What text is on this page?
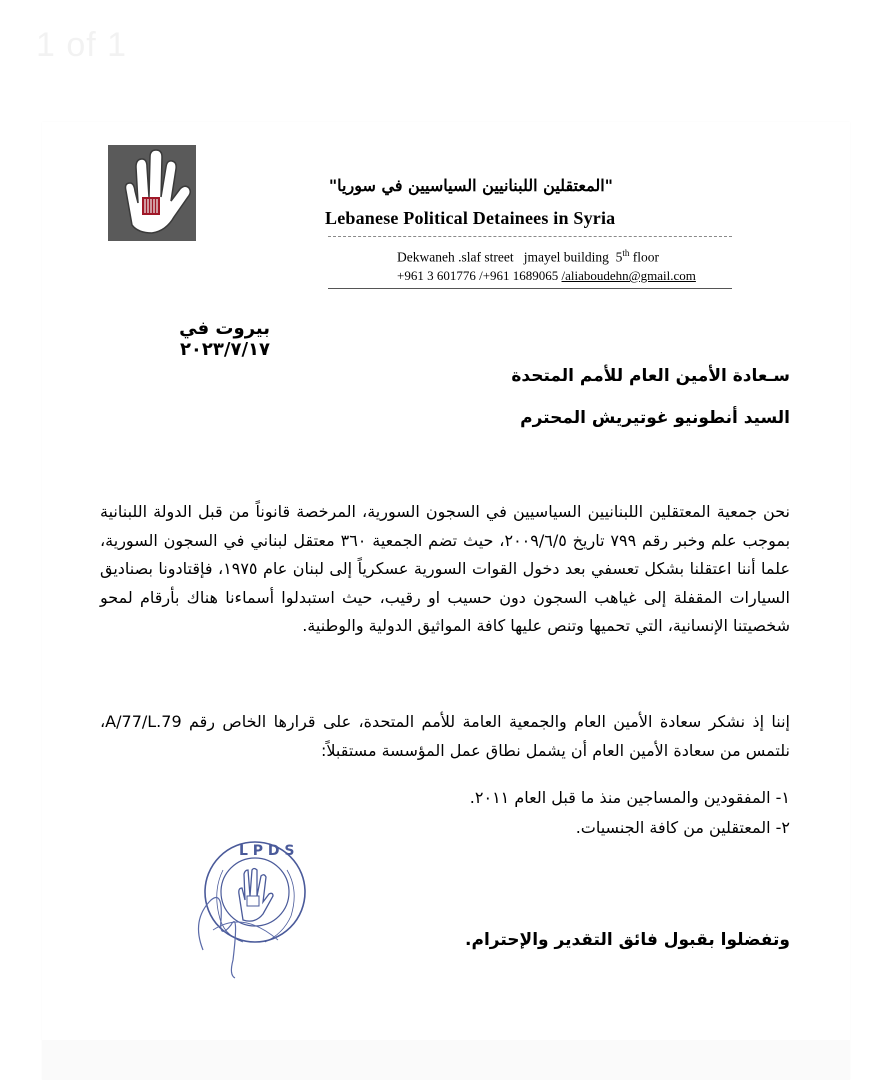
1 of 1
"المعتقلين اللبنانيين السياسيين في سوريا"
Lebanese Political Detainees in Syria
Dekwaneh .slaf street   jmayel building  5th floor
+961 3 601776 /+961 1689065 /aliaboudehn@gmail.com
بيروت في ٢٠٢٣/٧/١٧
سـعادة الأمين العام للأمم المتحدة
السيد أنطونيو غوتيريش المحترم
نحن جمعية المعتقلين اللبنانيين السياسيين في السجون السورية، المرخصة قانوناً من قبل الدولة اللبنانية بموجب علم وخبر رقم ٧٩٩ تاريخ ٢٠٠٩/٦/٥، حيث تضم الجمعية ٣٦٠ معتقل لبناني في السجون السورية، علما أننا اعتقلنا بشكل تعسفي بعد دخول القوات السورية عسكرياً إلى لبنان عام ١٩٧٥، فإقتادونا بصناديق السيارات المقفلة إلى غياهب السجون دون حسيب او رقيب، حيث استبدلوا أسماءنا هناك بأرقام لمحو شخصيتنا الإنسانية، التي تحميها وتنص عليها كافة المواثيق الدولية والوطنية.
إننا إذ نشكر سعادة الأمين العام والجمعية العامة للأمم المتحدة، على قرارها الخاص رقم A/77/L.79، نلتمس من سعادة الأمين العام أن يشمل نطاق عمل المؤسسة مستقبلاً:
١- المفقودين والمساجين منذ ما قبل العام ٢٠١١.
٢- المعتقلين من كافة الجنسيات.
L P D S
وتفضلوا بقبول فائق التقدير والإحترام.
